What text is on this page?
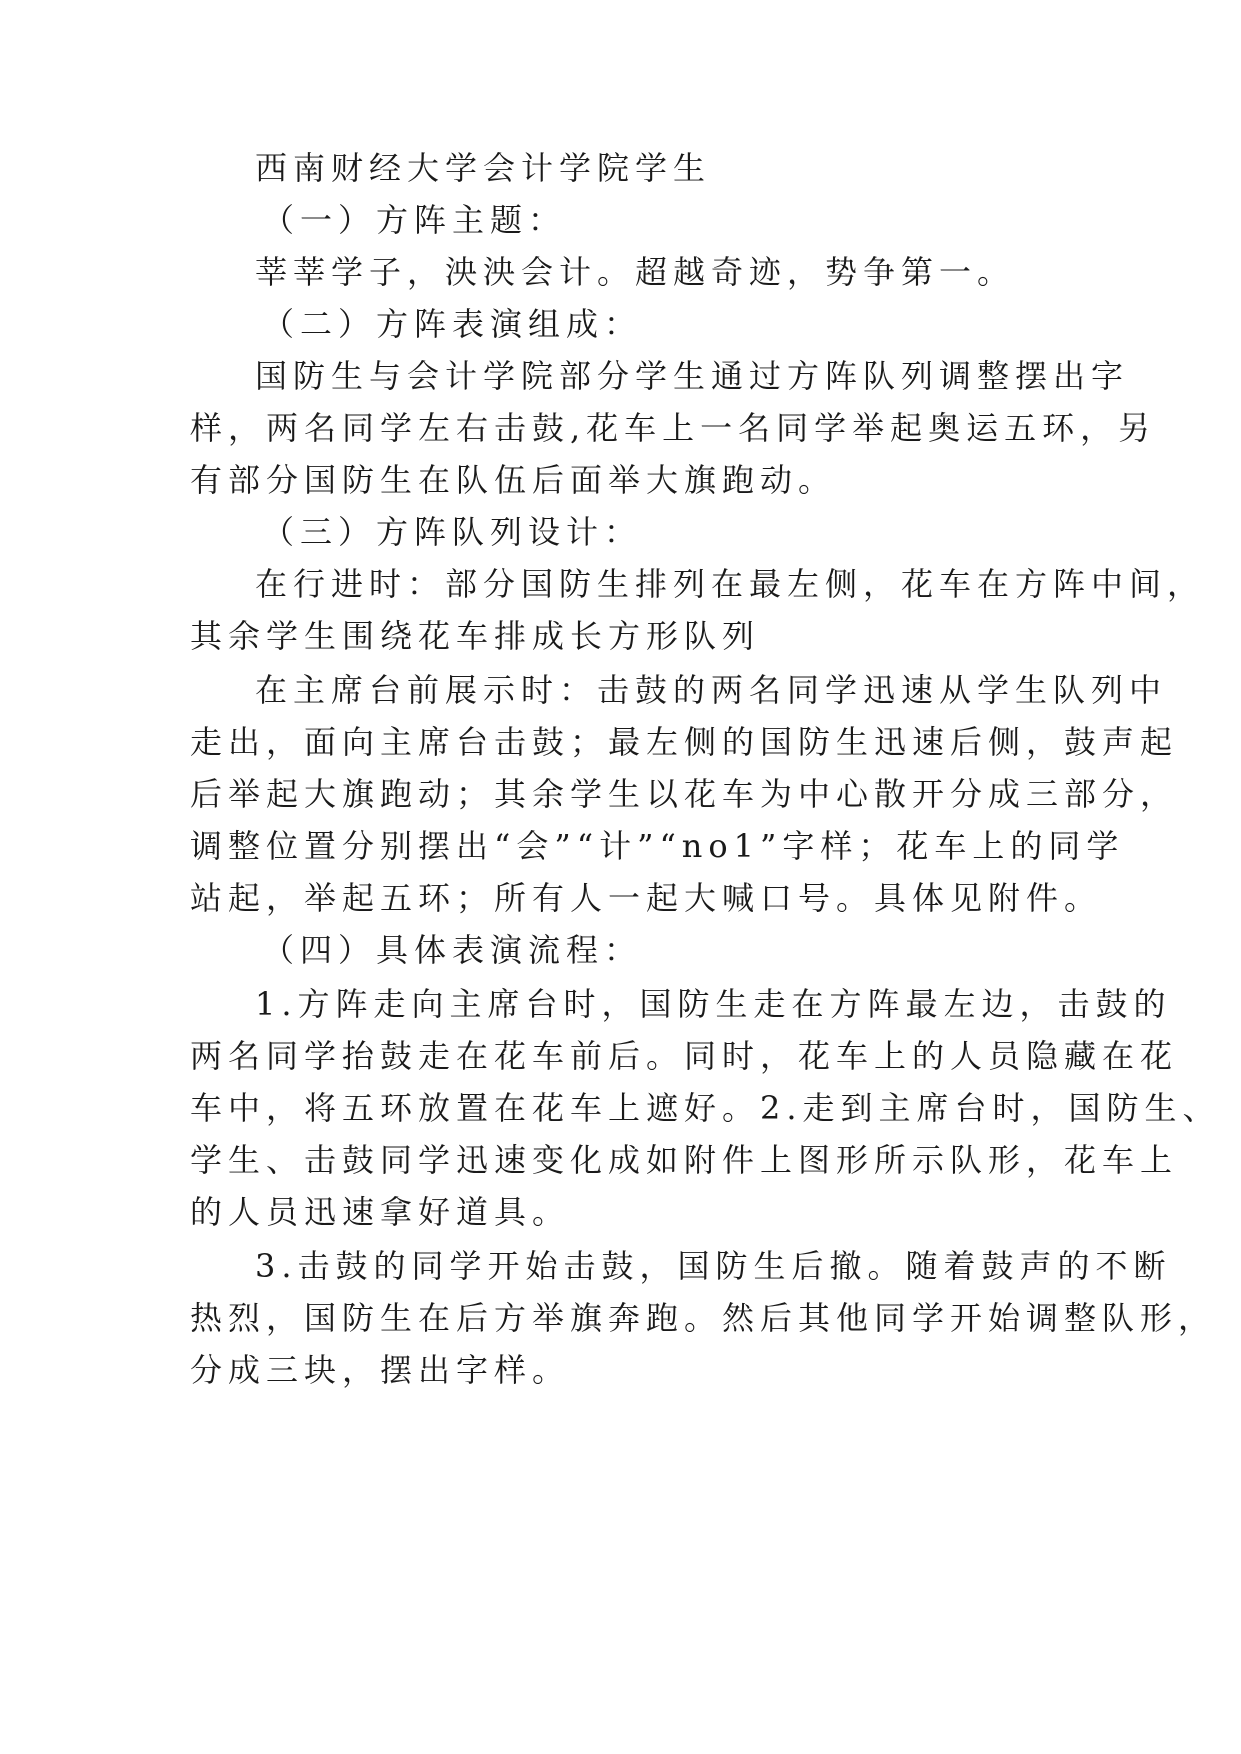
西南财经大学会计学院学生
（一）方阵主题：
莘莘学子，泱泱会计。超越奇迹，势争第一。
（二）方阵表演组成：
国防生与会计学院部分学生通过方阵队列调整摆出字
样，两名同学左右击鼓,花车上一名同学举起奥运五环，另
有部分国防生在队伍后面举大旗跑动。
（三）方阵队列设计：
在行进时：部分国防生排列在最左侧，花车在方阵中间，
其余学生围绕花车排成长方形队列
在主席台前展示时：击鼓的两名同学迅速从学生队列中
走出，面向主席台击鼓；最左侧的国防生迅速后侧，鼓声起
后举起大旗跑动；其余学生以花车为中心散开分成三部分，
调整位置分别摆出“会”“计”“no1”字样；花车上的同学
站起，举起五环；所有人一起大喊口号。具体见附件。
（四）具体表演流程：
1.方阵走向主席台时，国防生走在方阵最左边，击鼓的
两名同学抬鼓走在花车前后。同时，花车上的人员隐藏在花
车中，将五环放置在花车上遮好。2.走到主席台时，国防生、
学生、击鼓同学迅速变化成如附件上图形所示队形，花车上
的人员迅速拿好道具。
3.击鼓的同学开始击鼓，国防生后撤。随着鼓声的不断
热烈，国防生在后方举旗奔跑。然后其他同学开始调整队形，
分成三块，摆出字样。
